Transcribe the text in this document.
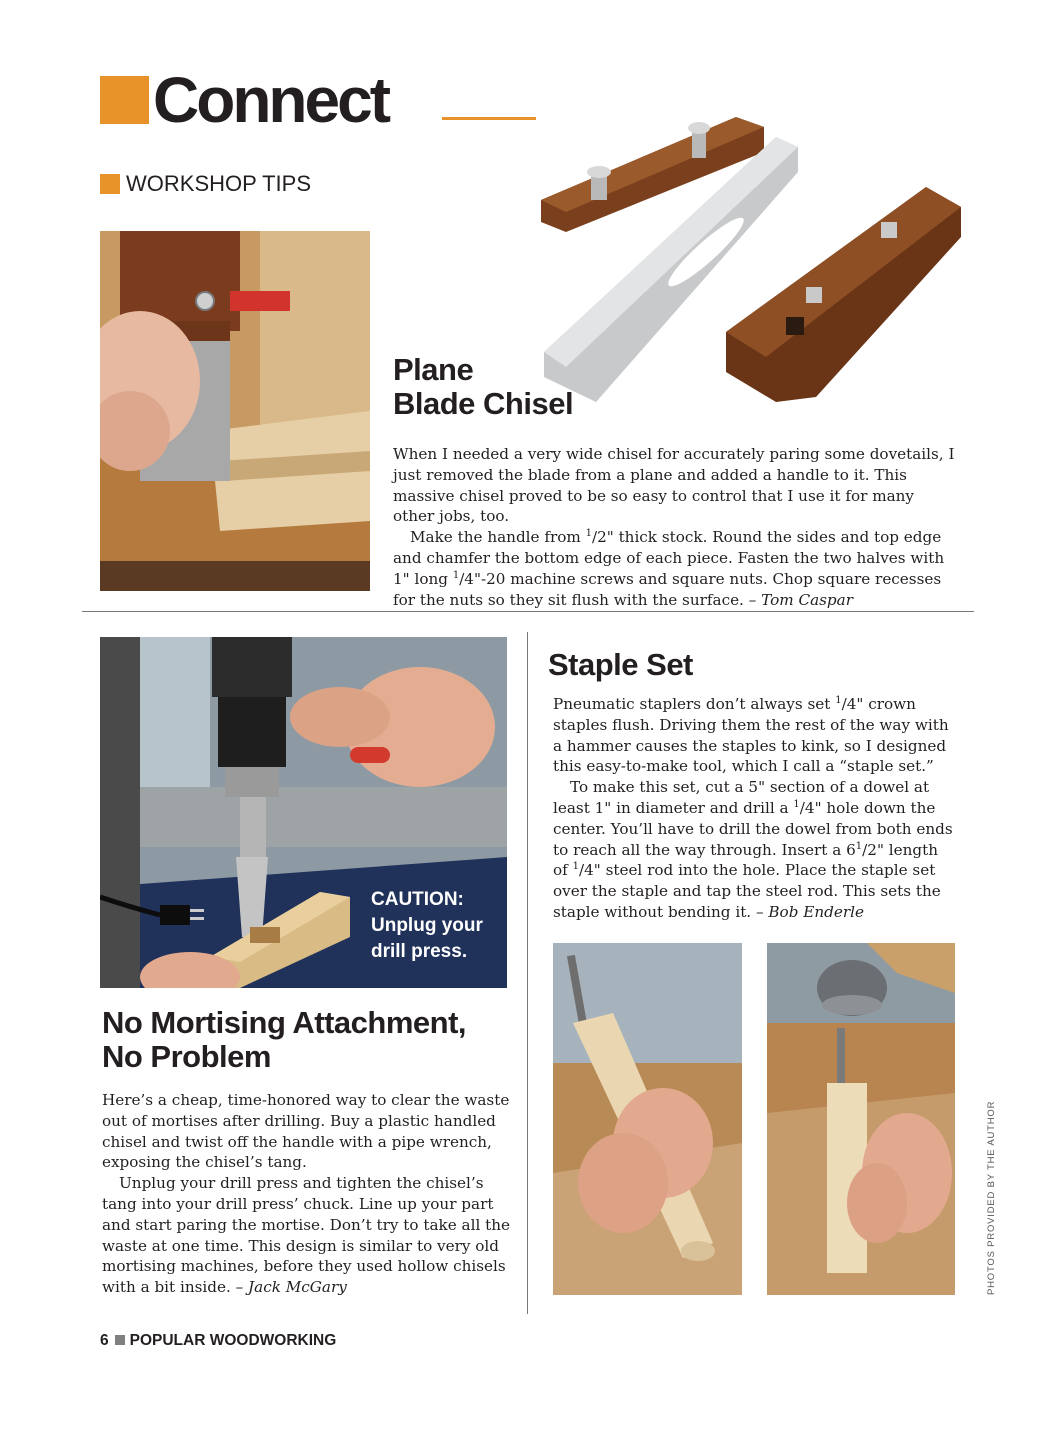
Connect
WORKSHOP TIPS
Plane
Blade Chisel

When I needed a very wide chisel for accurately paring some dovetails, I just removed the blade from a plane and added a handle to it. This massive chisel proved to be so easy to control that I use it for many other jobs, too.

Make the handle from $^1$/2" thick stock. Round the sides and top edge and chamfer the bottom edge of each piece. Fasten the two halves with 1" long $^1$/4"-20 machine screws and square nuts. Chop square recesses for the nuts so they sit flush with the surface. – Tom Caspar

CAUTION:
Unplug your
drill press.
No Mortising Attachment,
No Problem

Here’s a cheap, time-honored way to clear the waste out of mortises after drilling. Buy a plastic handled chisel and twist off the handle with a pipe wrench, exposing the chisel’s tang.

Unplug your drill press and tighten the chisel’s tang into your drill press’ chuck. Line up your part and start paring the mortise. Don’t try to take all the waste at one time. This design is similar to very old mortising machines, before they used hollow chisels with a bit inside. – Jack McGary

Staple Set

Pneumatic staplers don’t always set $^1$/4" crown staples flush. Driving them the rest of the way with a hammer causes the staples to kink, so I designed this easy-to-make tool, which I call a “staple set.”

To make this set, cut a 5" section of a dowel at least 1" in diameter and drill a $^1$/4" hole down the center. You’ll have to drill the dowel from both ends to reach all the way through. Insert a $6^1/2$" length of $^1$/4" steel rod into the hole. Place the staple set over the staple and tap the steel rod. This sets the staple without bending it. – Bob Enderle

PHOTOS PROVIDED BY THE AUTHOR
6 POPULAR WOODWORKING
